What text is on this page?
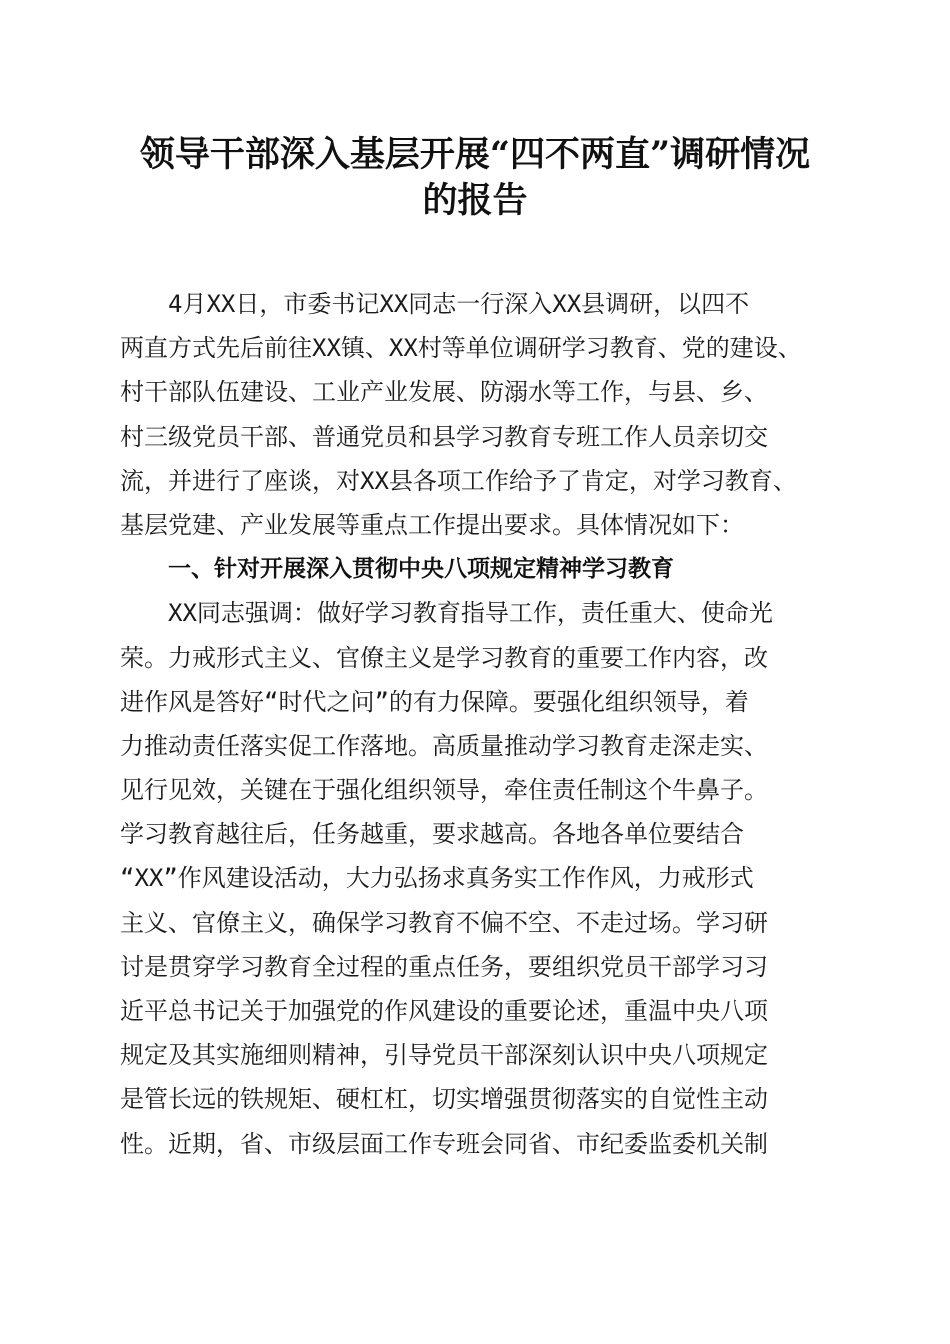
领导干部深入基层开展“四不两直”调研情况
的报告
4月XX日，市委书记XX同志一行深入XX县调研，以四不
两直方式先后前往XX镇、XX村等单位调研学习教育、党的建设、
村干部队伍建设、工业产业发展、防溺水等工作，与县、乡、
村三级党员干部、普通党员和县学习教育专班工作人员亲切交
流，并进行了座谈，对XX县各项工作给予了肯定，对学习教育、
基层党建、产业发展等重点工作提出要求。具体情况如下：
一、针对开展深入贯彻中央八项规定精神学习教育
XX同志强调：做好学习教育指导工作，责任重大、使命光
荣。力戒形式主义、官僚主义是学习教育的重要工作内容，改
进作风是答好“时代之问”的有力保障。要强化组织领导，着
力推动责任落实促工作落地。高质量推动学习教育走深走实、
见行见效，关键在于强化组织领导，牵住责任制这个牛鼻子。
学习教育越往后，任务越重，要求越高。各地各单位要结合
“XX”作风建设活动，大力弘扬求真务实工作作风，力戒形式
主义、官僚主义，确保学习教育不偏不空、不走过场。学习研
讨是贯穿学习教育全过程的重点任务，要组织党员干部学习习
近平总书记关于加强党的作风建设的重要论述，重温中央八项
规定及其实施细则精神，引导党员干部深刻认识中央八项规定
是管长远的铁规矩、硬杠杠，切实增强贯彻落实的自觉性主动
性。近期，省、市级层面工作专班会同省、市纪委监委机关制
